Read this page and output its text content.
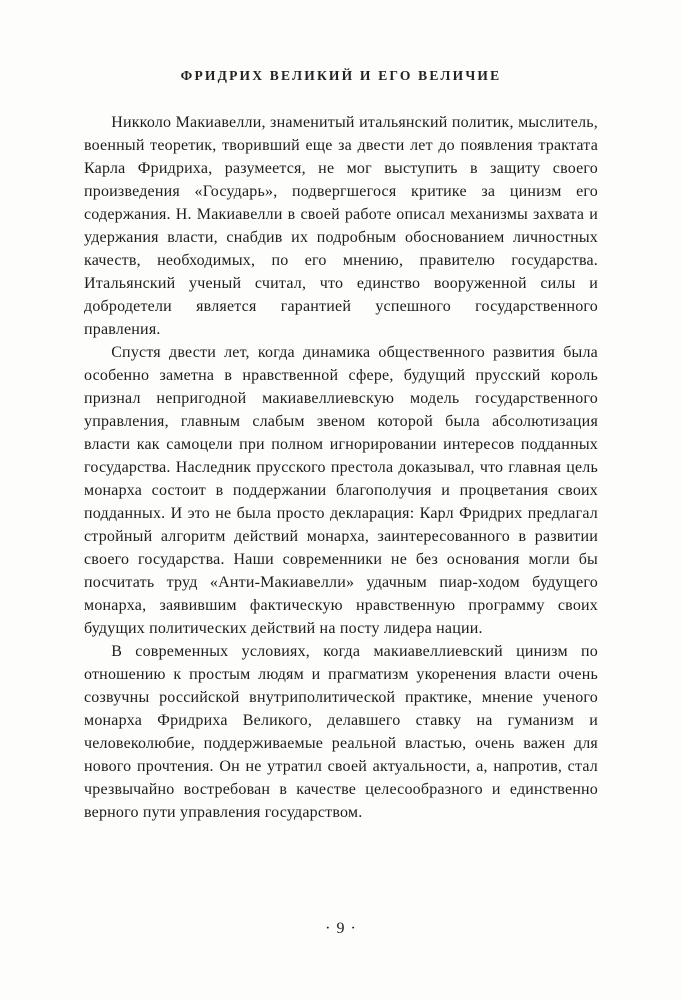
ФРИДРИХ ВЕЛИКИЙ И ЕГО ВЕЛИЧИЕ

Никколо Макиавелли, знаменитый итальянский политик, мыслитель, военный теоретик, творивший еще за двести лет до появления трактата Карла Фридриха, разумеется, не мог выступить в защиту своего произведения «Государь», подвергшегося критике за цинизм его содержания. Н. Макиавелли в своей работе описал механизмы захвата и удержания власти, снабдив их подробным обоснованием личностных качеств, необходимых, по его мнению, правителю государства. Итальянский ученый считал, что единство вооруженной силы и добродетели является гарантией успешного государственного правления.

Спустя двести лет, когда динамика общественного развития была особенно заметна в нравственной сфере, будущий прусский король признал непригодной макиавеллиевскую модель государственного управления, главным слабым звеном которой была абсолютизация власти как самоцели при полном игнорировании интересов подданных государства. Наследник прусского престола доказывал, что главная цель монарха состоит в поддержании благополучия и процветания своих подданных. И это не была просто декларация: Карл Фридрих предлагал стройный алгоритм действий монарха, заинтересованного в развитии своего государства. Наши современники не без основания могли бы посчитать труд «Анти-Макиавелли» удачным пиар-ходом будущего монарха, заявившим фактическую нравственную программу своих будущих политических действий на посту лидера нации.

В современных условиях, когда макиавеллиевский цинизм по отношению к простым людям и прагматизм укоренения власти очень созвучны российской внутриполитической практике, мнение ученого монарха Фридриха Великого, делавшего ставку на гуманизм и человеколюбие, поддерживаемые реальной властью, очень важен для нового прочтения. Он не утратил своей актуальности, а, напротив, стал чрезвычайно востребован в качестве целесообразного и единственно верного пути управления государством.

· 9 ·
